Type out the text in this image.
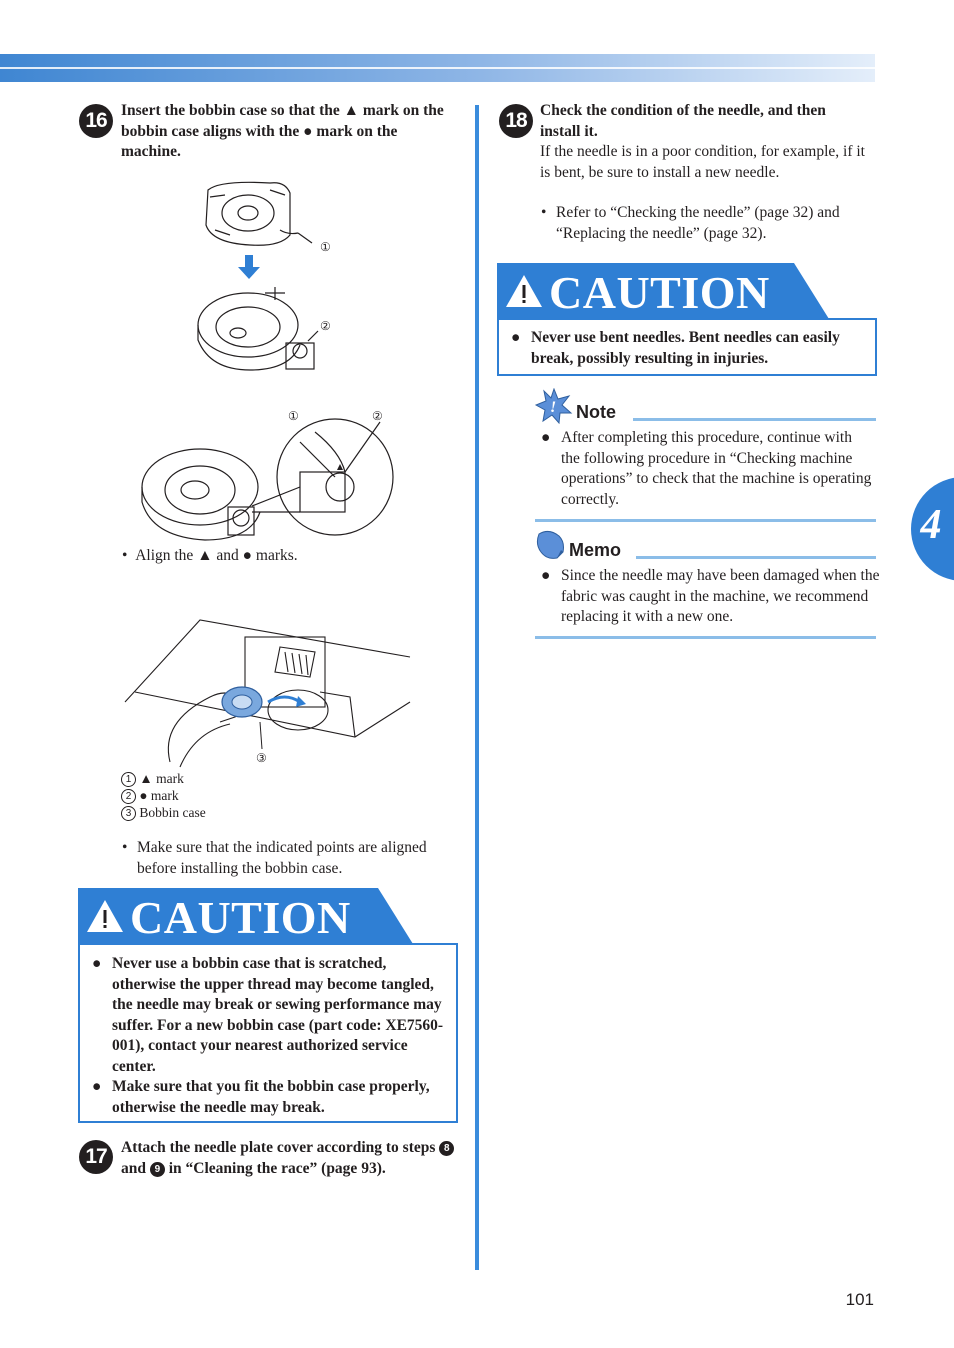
4
16 Insert the bobbin case so that the ▲ mark on the bobbin case aligns with the ● mark on the machine.
①
②
①	②
• Align the ▲ and ● marks.
③
1 ▲ mark
2 ● mark
3 Bobbin case
• Make sure that the indicated points are aligned before installing the bobbin case.
CAUTION
● Never use a bobbin case that is scratched, otherwise the upper thread may become tangled, the needle may break or sewing performance may suffer. For a new bobbin case (part code: XE7560-001), contact your nearest authorized service center.
● Make sure that you fit the bobbin case properly, otherwise the needle may break.
17 Attach the needle plate cover according to steps 8 and 9 in “Cleaning the race” (page 93).
18 Check the condition of the needle, and then install it.
If the needle is in a poor condition, for example, if it is bent, be sure to install a new needle.
• Refer to “Checking the needle” (page 32) and “Replacing the needle” (page 32).
CAUTION
● Never use bent needles. Bent needles can easily break, possibly resulting in injuries.
! Note
● After completing this procedure, continue with the following procedure in “Checking machine operations” to check that the machine is operating correctly.
Memo
● Since the needle may have been damaged when the fabric was caught in the machine, we recommend replacing it with a new one.
101
